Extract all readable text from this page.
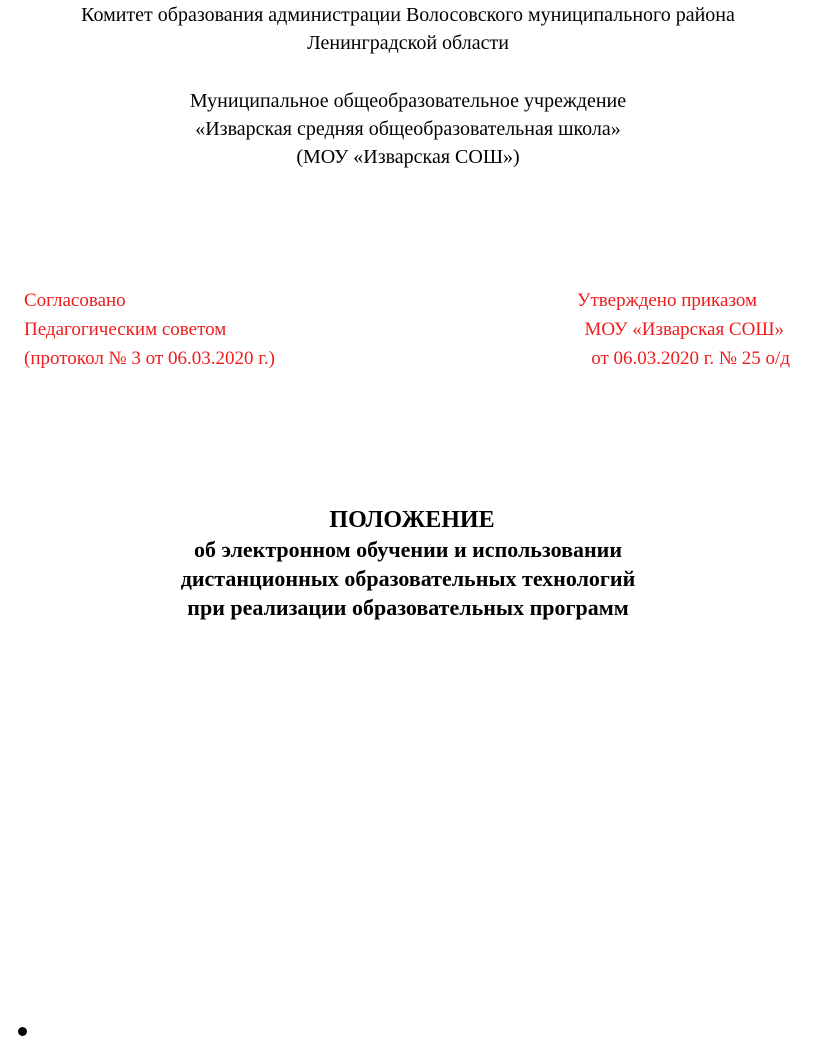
Комитет образования администрации Волосовского муниципального района
Ленинградской области
Муниципальное общеобразовательное учреждение
«Изварская средняя общеобразовательная школа»
(МОУ «Изварская СОШ»)
Согласовано
Педагогическим советом
(протокол № 3 от 06.03.2020 г.)
Утверждено приказом
МОУ «Изварская СОШ»
от 06.03.2020 г. № 25 о/д
ПОЛОЖЕНИЕ
об электронном обучении и использовании
дистанционных образовательных технологий
при реализации образовательных программ
